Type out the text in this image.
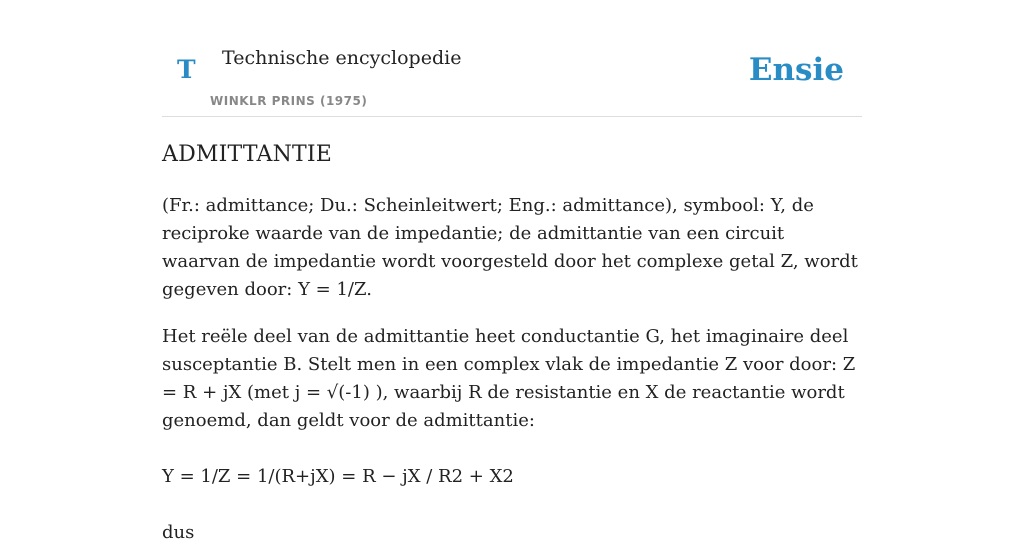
T Technische encyclopedie
WINKLR PRINS (1975)
Ensie
ADMITTANTIE

(Fr.: admittance; Du.: Scheinleitwert; Eng.: admittance), symbool: Y, de reciproke waarde van de impedantie; de admittantie van een circuit waarvan de impedantie wordt voorgesteld door het complexe getal Z, wordt gegeven door: Y = 1/Z.

Het reële deel van de admittantie heet conductantie G, het imaginaire deel susceptantie B. Stelt men in een complex vlak de impedantie Z voor door: Z = R + jX (met j = √(-1) ), waarbij R de resistantie en X de reactantie wordt genoemd, dan geldt voor de admittantie:

Y = 1/Z = 1/(R+jX) = R − jX / R2 + X2

dus
